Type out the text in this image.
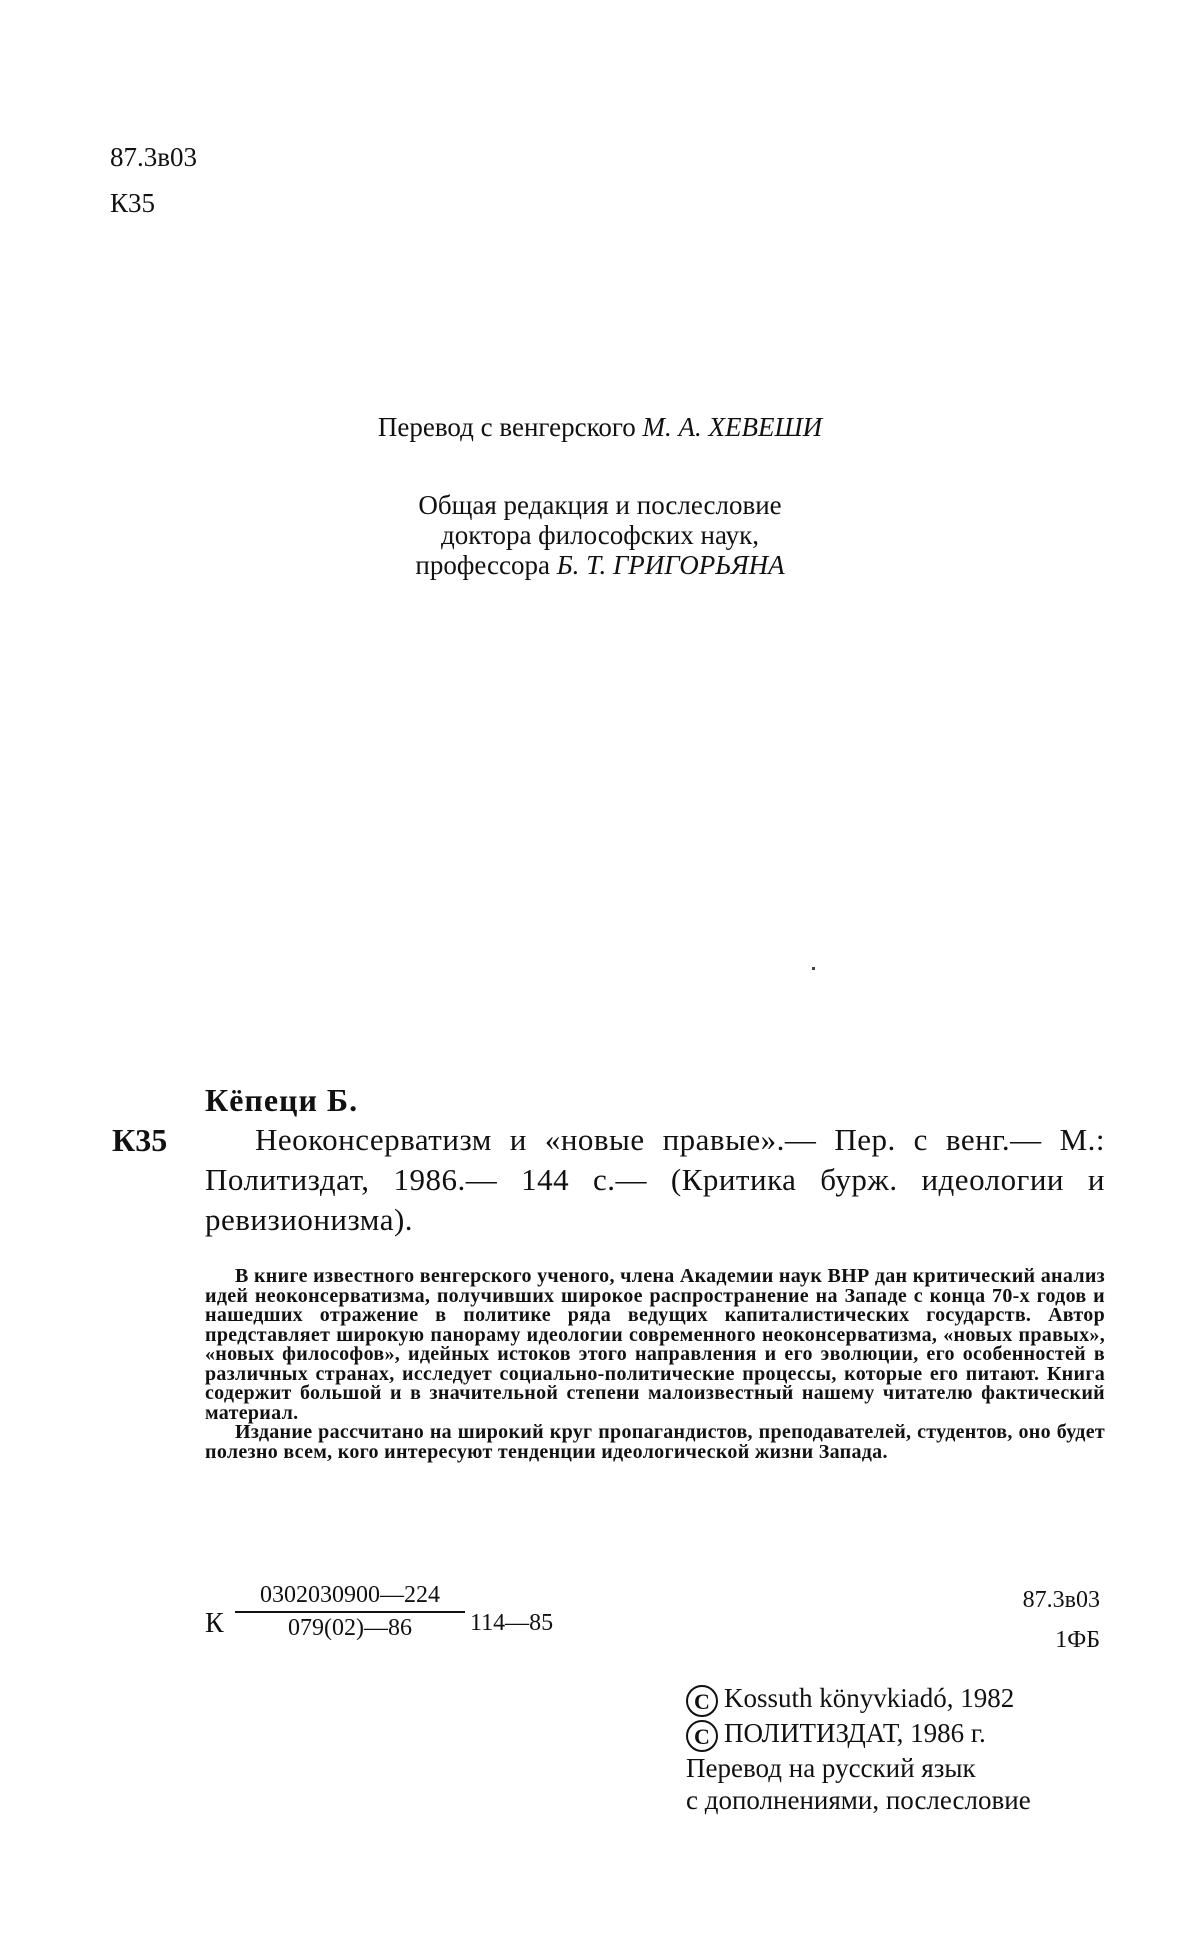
87.3в03
К35
Перевод с венгерского М. А. ХЕВЕШИ
Общая редакция и послесловие
доктора философских наук,
профессора Б. Т. ГРИГОРЬЯНА
Кёпеци Б.
К35	Неоконсерватизм и «новые правые».— Пер. с венг.— М.: Политиздат, 1986.— 144 с.— (Критика бурж. идеологии и ревизионизма).

В книге известного венгерского ученого, члена Академии наук ВНР дан критический анализ идей неоконсерватизма, получивших широкое распространение на Западе с конца 70-х годов и нашедших отражение в политике ряда ведущих капиталистических государств. Автор представляет широкую панораму идеологии современного неоконсерватизма, «новых правых», «новых философов», идейных истоков этого направления и его эволюции, его особенностей в различных странах, исследует социально-политические процессы, которые его питают. Книга содержит большой и в значительной степени малоизвестный нашему читателю фактический материал.

Издание рассчитано на широкий круг пропагандистов, преподавателей, студентов, оно будет полезно всем, кого интересуют тенденции идеологической жизни Запада.

К $\frac{0302030900—224}{079(02)—86}$ 114—85
87.3в03
1ФБ
C Kossuth könyvkiadó, 1982
C ПОЛИТИЗДАТ, 1986 г.
Перевод на русский язык
с дополнениями, послесловие
